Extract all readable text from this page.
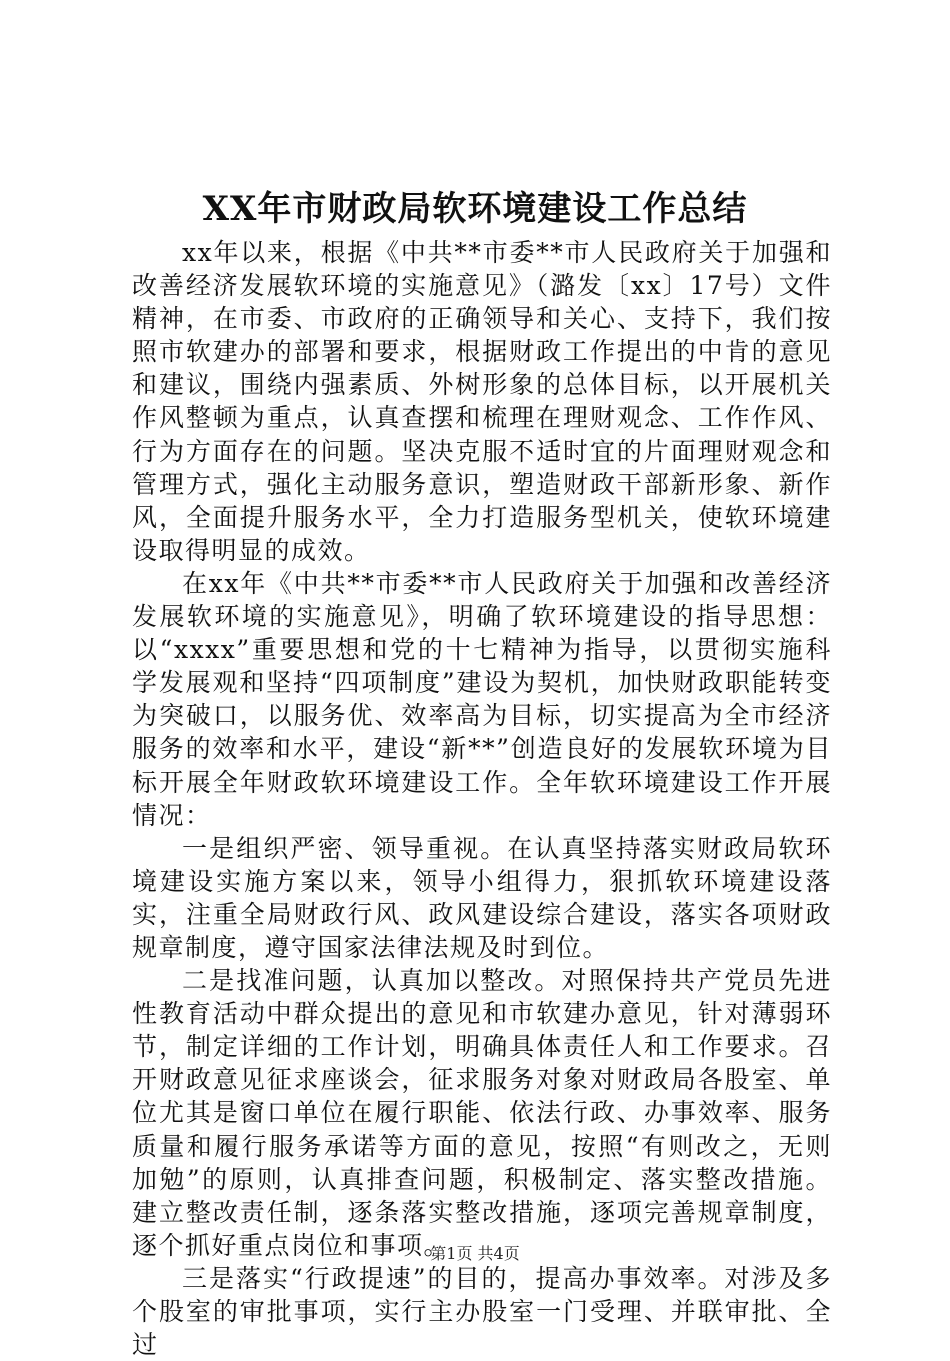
XX年市财政局软环境建设工作总结

xx年以来，根据《中共**市委**市人民政府关于加强和改善经济发展软环境的实施意见》（潞发〔xx〕17号）文件精神，在市委、市政府的正确领导和关心、支持下，我们按照市软建办的部署和要求，根据财政工作提出的中肯的意见和建议，围绕内强素质、外树形象的总体目标，以开展机关作风整顿为重点，认真查摆和梳理在理财观念、工作作风、行为方面存在的问题。坚决克服不适时宜的片面理财观念和管理方式，强化主动服务意识，塑造财政干部新形象、新作风，全面提升服务水平，全力打造服务型机关，使软环境建设取得明显的成效。

在xx年《中共**市委**市人民政府关于加强和改善经济发展软环境的实施意见》，明确了软环境建设的指导思想：以“xxxx”重要思想和党的十七精神为指导，以贯彻实施科学发展观和坚持“四项制度”建设为契机，加快财政职能转变为突破口，以服务优、效率高为目标，切实提高为全市经济服务的效率和水平，建设“新**”创造良好的发展软环境为目标开展全年财政软环境建设工作。全年软环境建设工作开展情况：

一是组织严密、领导重视。在认真坚持落实财政局软环境建设实施方案以来，领导小组得力，狠抓软环境建设落实，注重全局财政行风、政风建设综合建设，落实各项财政规章制度，遵守国家法律法规及时到位。

二是找准问题，认真加以整改。对照保持共产党员先进性教育活动中群众提出的意见和市软建办意见，针对薄弱环节，制定详细的工作计划，明确具体责任人和工作要求。召开财政意见征求座谈会，征求服务对象对财政局各股室、单位尤其是窗口单位在履行职能、依法行政、办事效率、服务质量和履行服务承诺等方面的意见，按照“有则改之，无则加勉”的原则，认真排查问题，积极制定、落实整改措施。建立整改责任制，逐条落实整改措施，逐项完善规章制度，逐个抓好重点岗位和事项。

三是落实“行政提速”的目的，提高办事效率。对涉及多个股室的审批事项，实行主办股室一门受理、并联审批、全过

第1页 共4页
